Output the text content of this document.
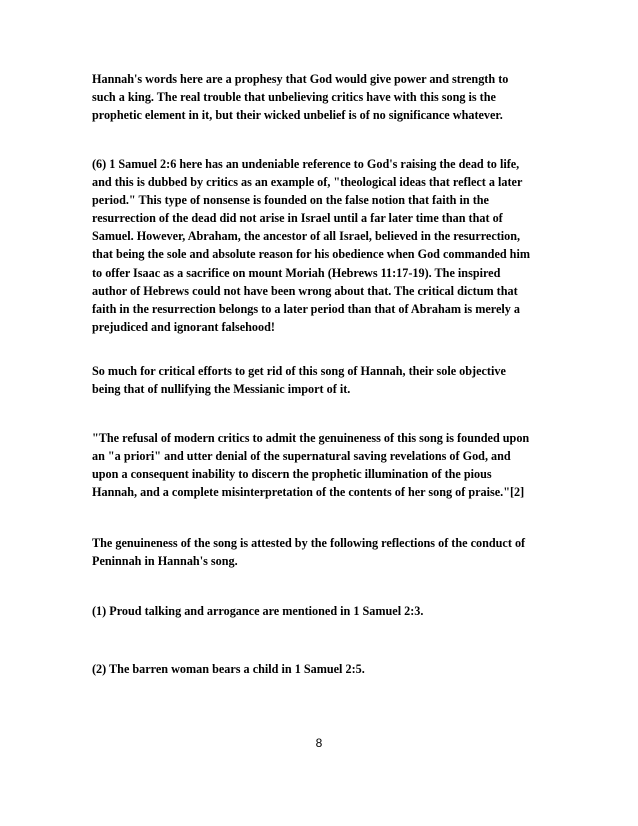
Hannah's words here are a prophesy that God would give power and strength to
such a king. The real trouble that unbelieving critics have with this song is the
prophetic element in it, but their wicked unbelief is of no significance whatever.

(6) 1 Samuel 2:6 here has an undeniable reference to God's raising the dead to life,
and this is dubbed by critics as an example of, "theological ideas that reflect a later
period." This type of nonsense is founded on the false notion that faith in the
resurrection of the dead did not arise in Israel until a far later time than that of
Samuel. However, Abraham, the ancestor of all Israel, believed in the resurrection,
that being the sole and absolute reason for his obedience when God commanded him
to offer Isaac as a sacrifice on mount Moriah (Hebrews 11:17-19). The inspired
author of Hebrews could not have been wrong about that. The critical dictum that
faith in the resurrection belongs to a later period than that of Abraham is merely a
prejudiced and ignorant falsehood!

So much for critical efforts to get rid of this song of Hannah, their sole objective
being that of nullifying the Messianic import of it.

"The refusal of modern critics to admit the genuineness of this song is founded upon
an "a priori" and utter denial of the supernatural saving revelations of God, and
upon a consequent inability to discern the prophetic illumination of the pious
Hannah, and a complete misinterpretation of the contents of her song of praise."[2]

The genuineness of the song is attested by the following reflections of the conduct of
Peninnah in Hannah's song.

(1) Proud talking and arrogance are mentioned in 1 Samuel 2:3.

(2) The barren woman bears a child in 1 Samuel 2:5.

8
